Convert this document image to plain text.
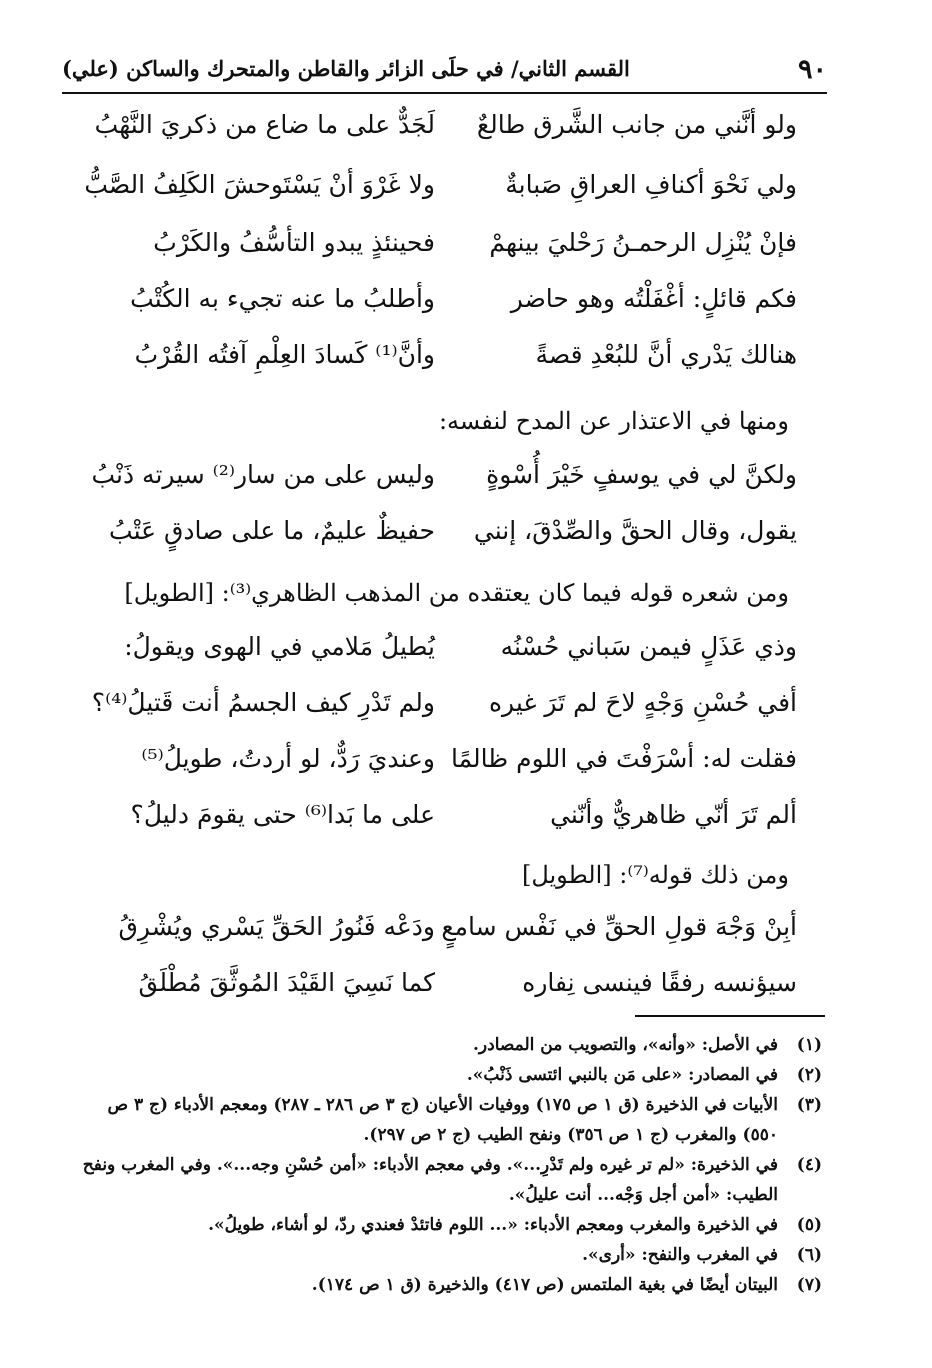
٩٠
القسم الثاني/ في حلَى الزائر والقاطن والمتحرك والساكن (علي)
ولو أنَّني من جانب الشَّرق طالعٌ
لَجَدٌّ على ما ضاع من ذكريَ النَّهْبُ
ولي نَحْوَ أكنافِ العراقِ صَبابةٌ
ولا غَرْوَ أنْ يَسْتَوحشَ الكَلِفُ الصَّبُّ
فإنْ يُنْزِل الرحمـنُ رَحْليَ بينهمْ
فحينئذٍ يبدو التأسُّفُ والكَرْبُ
فكم قائلٍ: أغْفَلْتُه وهو حاضر
وأطلبُ ما عنه تجيء به الكُتْبُ
هنالك يَدْري أنَّ للبُعْدِ قصةً
وأنَّ⁽¹⁾ كَسادَ العِلْمِ آفتُه القُرْبُ
ومنها في الاعتذار عن المدح لنفسه:
ولكنَّ لي في يوسفٍ خَيْرَ أُسْوةٍ
وليس على من سار⁽²⁾ سيرته ذَنْبُ
يقول، وقال الحقَّ والصِّدْقَ، إنني
حفيظٌ عليمٌ، ما على صادقٍ عَتْبُ
ومن شعره قوله فيما كان يعتقده من المذهب الظاهري⁽³⁾: [الطويل]
وذي عَذَلٍ فيمن سَباني حُسْنُه
يُطيلُ مَلامي في الهوى ويقولُ:
أفي حُسْنِ وَجْهٍ لاحَ لم تَرَ غيره
ولم تَدْرِ كيف الجسمُ أنت قَتيلُ⁽⁴⁾؟
فقلت له: أسْرَفْتَ في اللوم ظالمًا
وعنديَ رَدٌّ، لو أردتُ، طويلُ⁽⁵⁾
ألم تَرَ أنّي ظاهريٌّ وأنّني
على ما بَدا⁽⁶⁾ حتى يقومَ دليلُ؟
ومن ذلك قوله⁽⁷⁾: [الطويل]
أبِنْ وَجْهَ قولِ الحقِّ في نَفْس سامعٍ
ودَعْه فَنُورُ الحَقِّ يَسْري ويُشْرِقُ
سيؤنسه رفقًا فينسى نِفاره
كما نَسِيَ القَيْدَ المُوثَّقَ مُطْلَقُ
(١)
في الأصل: «وأنه»، والتصويب من المصادر.
(٢)
في المصادر: «على مَن بالنبي ائتسى ذَنْبُ».
(٣)
الأبيات في الذخيرة (ق ١ ص ١٧٥) ووفيات الأعيان (ج ٣ ص ٢٨٦ ـ ٢٨٧) ومعجم الأدباء (ج ٣ ص ٥٥٠) والمغرب (ج ١ ص ٣٥٦) ونفح الطيب (ج ٢ ص ٢٩٧).
(٤)
في الذخيرة: «لم تر غيره ولم تَدْرِ...». وفي معجم الأدباء: «أمن حُسْنِ وجه...». وفي المغرب ونفح الطيب: «أمن أجل وَجْه... أنت عليلُ».
(٥)
في الذخيرة والمغرب ومعجم الأدباء: «... اللوم فاتئدْ فعندي ردّ، لو أشاء، طويلُ».
(٦)
في المغرب والنفح: «أرى».
(٧)
البيتان أيضًا في بغية الملتمس (ص ٤١٧) والذخيرة (ق ١ ص ١٧٤).
